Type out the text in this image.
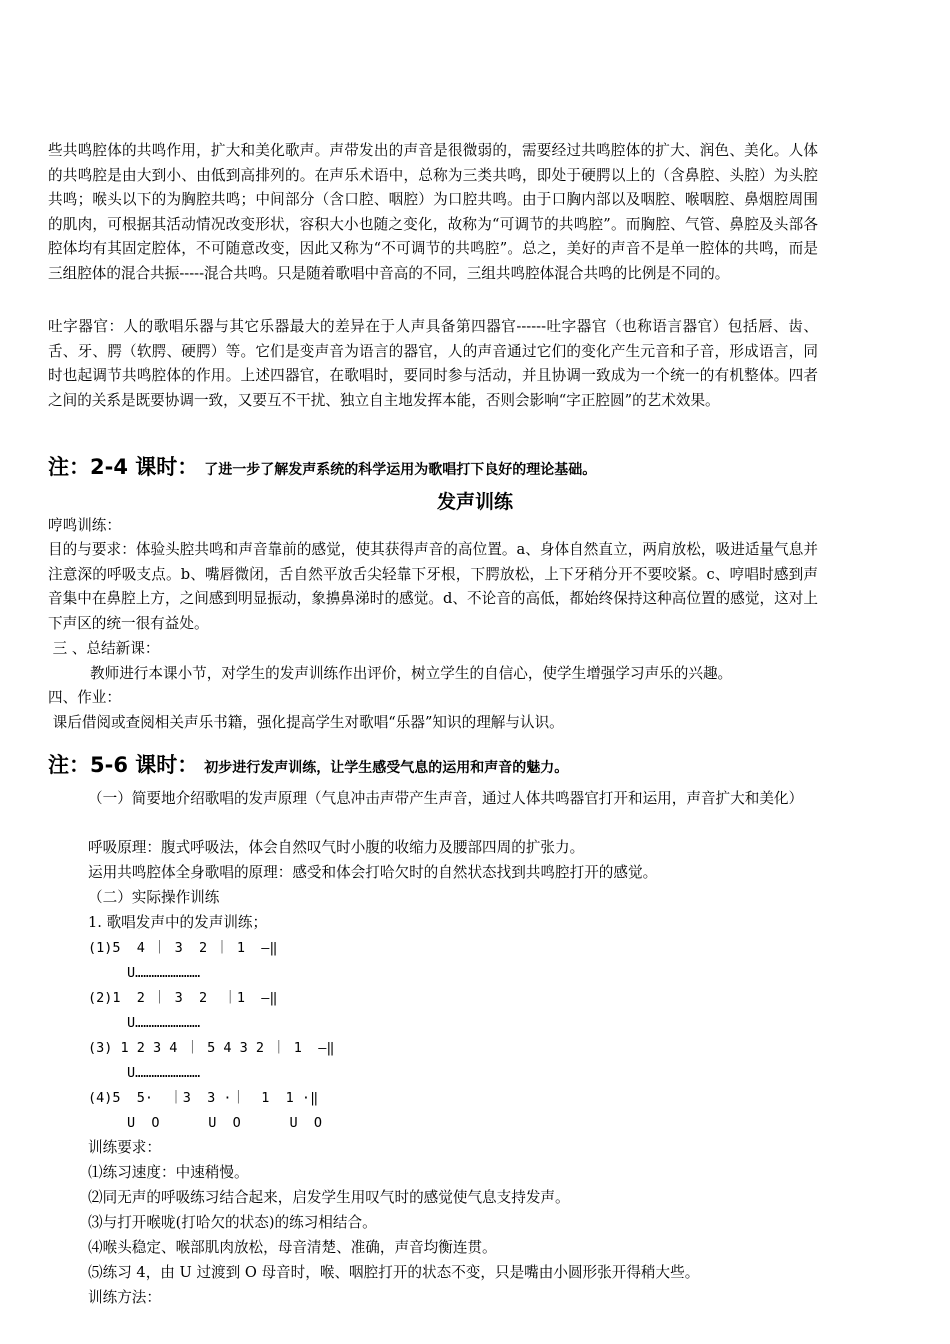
些共鸣腔体的共鸣作用，扩大和美化歌声。声带发出的声音是很微弱的，需要经过共鸣腔体的扩大、润色、美化。人体的共鸣腔是由大到小、由低到高排列的。在声乐术语中，总称为三类共鸣，即处于硬腭以上的（含鼻腔、头腔）为头腔共鸣；喉头以下的为胸腔共鸣；中间部分（含口腔、咽腔）为口腔共鸣。由于口胸内部以及咽腔、喉咽腔、鼻烟腔周围的肌肉，可根据其活动情况改变形状，容积大小也随之变化，故称为“可调节的共鸣腔”。而胸腔、气管、鼻腔及头部各腔体均有其固定腔体，不可随意改变，因此又称为“不可调节的共鸣腔”。总之，美好的声音不是单一腔体的共鸣，而是三组腔体的混合共振-----混合共鸣。只是随着歌唱中音高的不同，三组共鸣腔体混合共鸣的比例是不同的。

吐字器官：人的歌唱乐器与其它乐器最大的差异在于人声具备第四器官------吐字器官（也称语言器官）包括唇、齿、舌、牙、腭（软腭、硬腭）等。它们是变声音为语言的器官，人的声音通过它们的变化产生元音和子音，形成语言，同时也起调节共鸣腔体的作用。上述四器官，在歌唱时，要同时参与活动，并且协调一致成为一个统一的有机整体。四者之间的关系是既要协调一致，又要互不干扰、独立自主地发挥本能，否则会影响“字正腔圆”的艺术效果。

注：2-4 课时： 了进一步了解发声系统的科学运用为歌唱打下良好的理论基础。

发声训练

哼鸣训练：

目的与要求：体验头腔共鸣和声音靠前的感觉，使其获得声音的高位置。a、身体自然直立，两肩放松，吸进适量气息并注意深的呼吸支点。b、嘴唇微闭，舌自然平放舌尖轻靠下牙根，下腭放松，上下牙稍分开不要咬紧。c、哼唱时感到声音集中在鼻腔上方，之间感到明显振动，象擤鼻涕时的感觉。d、不论音的高低，都始终保持这种高位置的感觉，这对上下声区的统一很有益处。

三 、总结新课：

教师进行本课小节，对学生的发声训练作出评价，树立学生的自信心，使学生增强学习声乐的兴趣。

四、作业：

课后借阅或查阅相关声乐书籍，强化提高学生对歌唱“乐器”知识的理解与认识。

注：5-6 课时： 初步进行发声训练，让学生感受气息的运用和声音的魅力。

（一）简要地介绍歌唱的发声原理（气息冲击声带产生声音，通过人体共鸣器官打开和运用，声音扩大和美化）

呼吸原理：腹式呼吸法，体会自然叹气时小腹的收缩力及腰部四周的扩张力。

运用共鸣腔体全身歌唱的原理：感受和体会打哈欠时的自然状态找到共鸣腔打开的感觉。

（二）实际操作训练

1. 歌唱发声中的发声训练；

(1)5  4 ｜ 3  2 ｜ 1  —‖

U……………………

(2)1  2 ｜ 3  2  ｜1  —‖

U……………………

(3) 1 2 3 4 ｜ 5 4 3 2 ｜ 1  —‖

U……………………

(4)5  5·  ｜3  3 ·｜  1  1 ·‖

U  O      U  O      U  O

训练要求：

⑴练习速度：中速稍慢。

⑵同无声的呼吸练习结合起来，启发学生用叹气时的感觉使气息支持发声。

⑶与打开喉咙(打哈欠的状态)的练习相结合。

⑷喉头稳定、喉部肌肉放松，母音清楚、准确，声音均衡连贯。

⑸练习 4，由 U 过渡到 O 母音时，喉、咽腔打开的状态不变，只是嘴由小圆形张开得稍大些。

训练方法：
